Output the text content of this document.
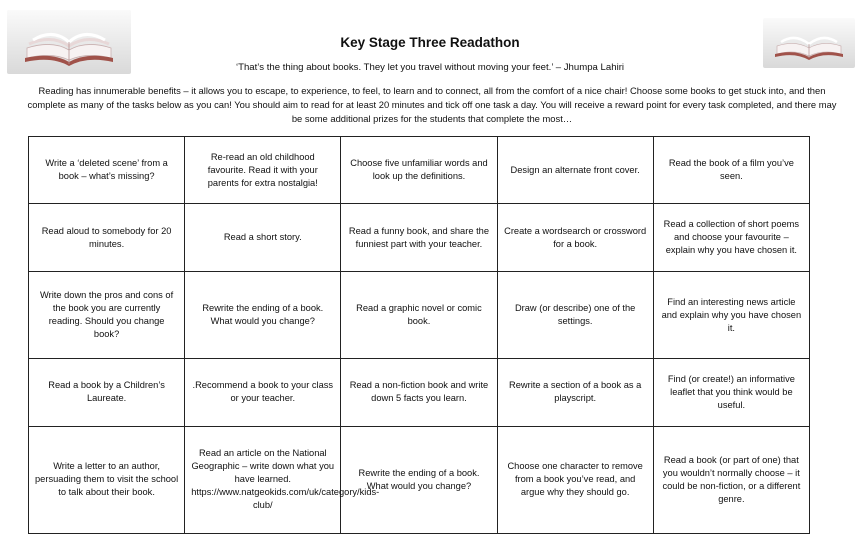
Key Stage Three Readathon
‘That’s the thing about books. They let you travel without moving your feet.’ – Jhumpa Lahiri
Reading has innumerable benefits – it allows you to escape, to experience, to feel, to learn and to connect, all from the comfort of a nice chair! Choose some books to get stuck into, and then complete as many of the tasks below as you can! You should aim to read for at least 20 minutes and tick off one task a day. You will receive a reward point for every task completed, and there may be some additional prizes for the students that complete the most…
Write a ‘deleted scene’ from a book – what’s missing?	Re-read an old childhood favourite. Read it with your parents for extra nostalgia!	Choose five unfamiliar words and look up the definitions.	Design an alternate front cover.	Read the book of a film you’ve seen.
Read aloud to somebody for 20 minutes.	Read a short story.	Read a funny book, and share the funniest part with your teacher.	Create a wordsearch or crossword for a book.	Read a collection of short poems and choose your favourite – explain why you have chosen it.
Write down the pros and cons of the book you are currently reading. Should you change book?	Rewrite the ending of a book. What would you change?	Read a graphic novel or comic book.	Draw (or describe) one of the settings.	Find an interesting news article and explain why you have chosen it.
Read a book by a Children’s Laureate.	.Recommend a book to your class or your teacher.	Read a non-fiction book and write down 5 facts you learn.	Rewrite a section of a book as a playscript.	Find (or create!) an informative leaflet that you think would be useful.
Write a letter to an author, persuading them to visit the school to talk about their book.	Read an article on the National Geographic – write down what you have learned. https://www.natgeokids.com/uk/category/kids-club/	Rewrite the ending of a book. What would you change?	Choose one character to remove from a book you’ve read, and argue why they should go.	Read a book (or part of one) that you wouldn’t normally choose – it could be non-fiction, or a different genre.
